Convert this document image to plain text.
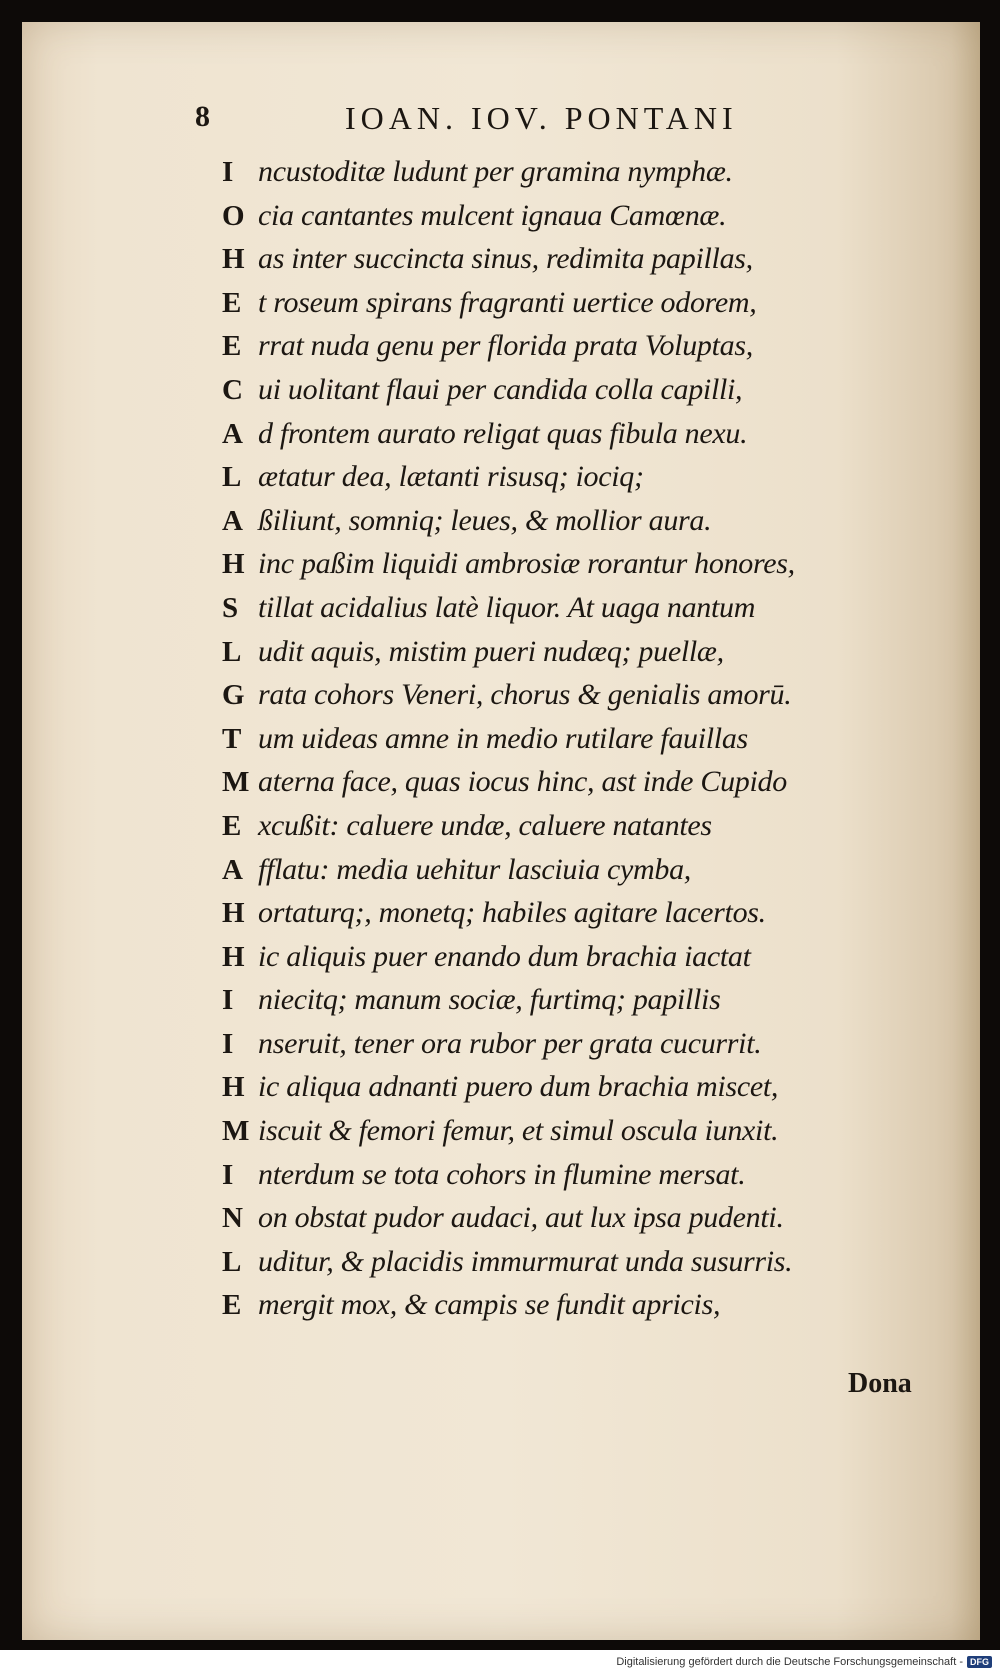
8	IOAN. IOV. PONTANI
I ncustoditæ ludunt per gramina nymphæ.
O cia cantantes mulcent ignaua Camœnæ.
H as inter succincta sinus, redimita papillas,
E t roseum spirans fragranti uertice odorem,
E rrat nuda genu per florida prata Voluptas,
C ui uolitant flaui per candida colla capilli,
A d frontem aurato religat quas fibula nexu.
L ætatur dea, lætanti risusq; iociq;
A ßiliunt, somniq; leues, & mollior aura.
H inc paßim liquidi ambrosiæ rorantur honores,
S tillat acidalius latè liquor. At uaga nantum
L udit aquis, mistim pueri nudæq; puellæ,
G rata cohors Veneri, chorus & genialis amorū.
T um uideas amne in medio rutilare fauillas
M aterna face, quas iocus hinc, ast inde Cupido
E xcußit: caluere undæ, caluere natantes
A fflatu: media uehitur lasciuia cymba,
H ortaturq;, monetq; habiles agitare lacertos.
H ic aliquis puer enando dum brachia iactat
I niecitq; manum sociæ, furtimq; papillis
I nseruit, tener ora rubor per grata cucurrit.
H ic aliqua adnanti puero dum brachia miscet,
M iscuit & femori femur, et simul oscula iunxit.
I nterdum se tota cohors in flumine mersat.
N on obstat pudor audaci, aut lux ipsa pudenti.
L uditur, & placidis immurmurat unda susurris.
E mergit mox, & campis se fundit apricis,
Dona
Digitalisierung gefördert durch die Deutsche Forschungsgemeinschaft - DFG
